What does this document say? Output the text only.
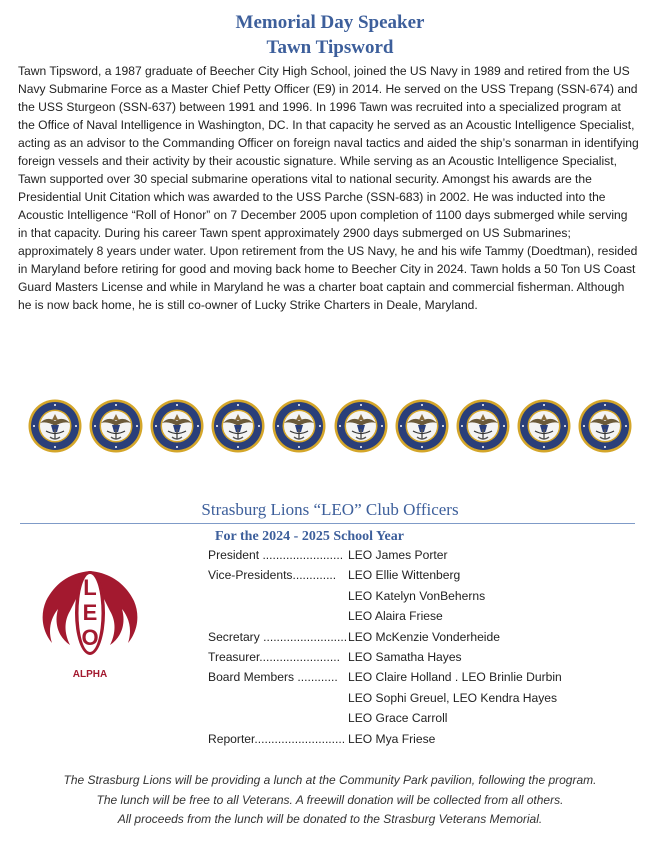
Memorial Day Speaker
Tawn Tipsword

Tawn Tipsword, a 1987 graduate of Beecher City High School, joined the US Navy in 1989 and retired from the US Navy Submarine Force as a Master Chief Petty Officer (E9) in 2014. He served on the USS Trepang (SSN-674) and the USS Sturgeon (SSN-637) between 1991 and 1996. In 1996 Tawn was recruited into a specialized program at the Office of Naval Intelligence in Washington, DC. In that capacity he served as an Acoustic Intelligence Specialist, acting as an advisor to the Commanding Officer on foreign naval tactics and aided the ship’s sonarman in identifying foreign vessels and their activity by their acoustic signature. While serving as an Acoustic Intelligence Specialist, Tawn supported over 30 special submarine operations vital to national security. Amongst his awards are the Presidential Unit Citation which was awarded to the USS Parche (SSN-683) in 2002. He was inducted into the Acoustic Intelligence “Roll of Honor” on 7 December 2005 upon completion of 1100 days submerged while serving in that capacity. During his career Tawn spent approximately 2900 days submerged on US Submarines; approximately 8 years under water. Upon retirement from the US Navy, he and his wife Tammy (Doedtman), resided in Maryland before retiring for good and moving back home to Beecher City in 2024. Tawn holds a 50 Ton US Coast Guard Masters License and while in Maryland he was a charter boat captain and commercial fisherman. Although he is now back home, he is still co-owner of Lucky Strike Charters in Deale, Maryland.

Strasburg Lions “LEO” Club Officers
For the 2024 - 2025 School Year
President ........................ LEO James Porter
Vice-Presidents............. LEO Ellie Wittenberg
LEO Katelyn VonBeherns
LEO Alaira Friese
Secretary ......................... LEO McKenzie Vonderheide
Treasurer........................ LEO Samatha Hayes
Board Members ............ LEO Claire Holland . LEO Brinlie Durbin
LEO Sophi Greuel, LEO Kendra Hayes
LEO Grace Carroll
Reporter........................... LEO Mya Friese
L
E
O
ALPHA
The Strasburg Lions will be providing a lunch at the Community Park pavilion, following the program.
The lunch will be free to all Veterans. A freewill donation will be collected from all others.
All proceeds from the lunch will be donated to the Strasburg Veterans Memorial.
